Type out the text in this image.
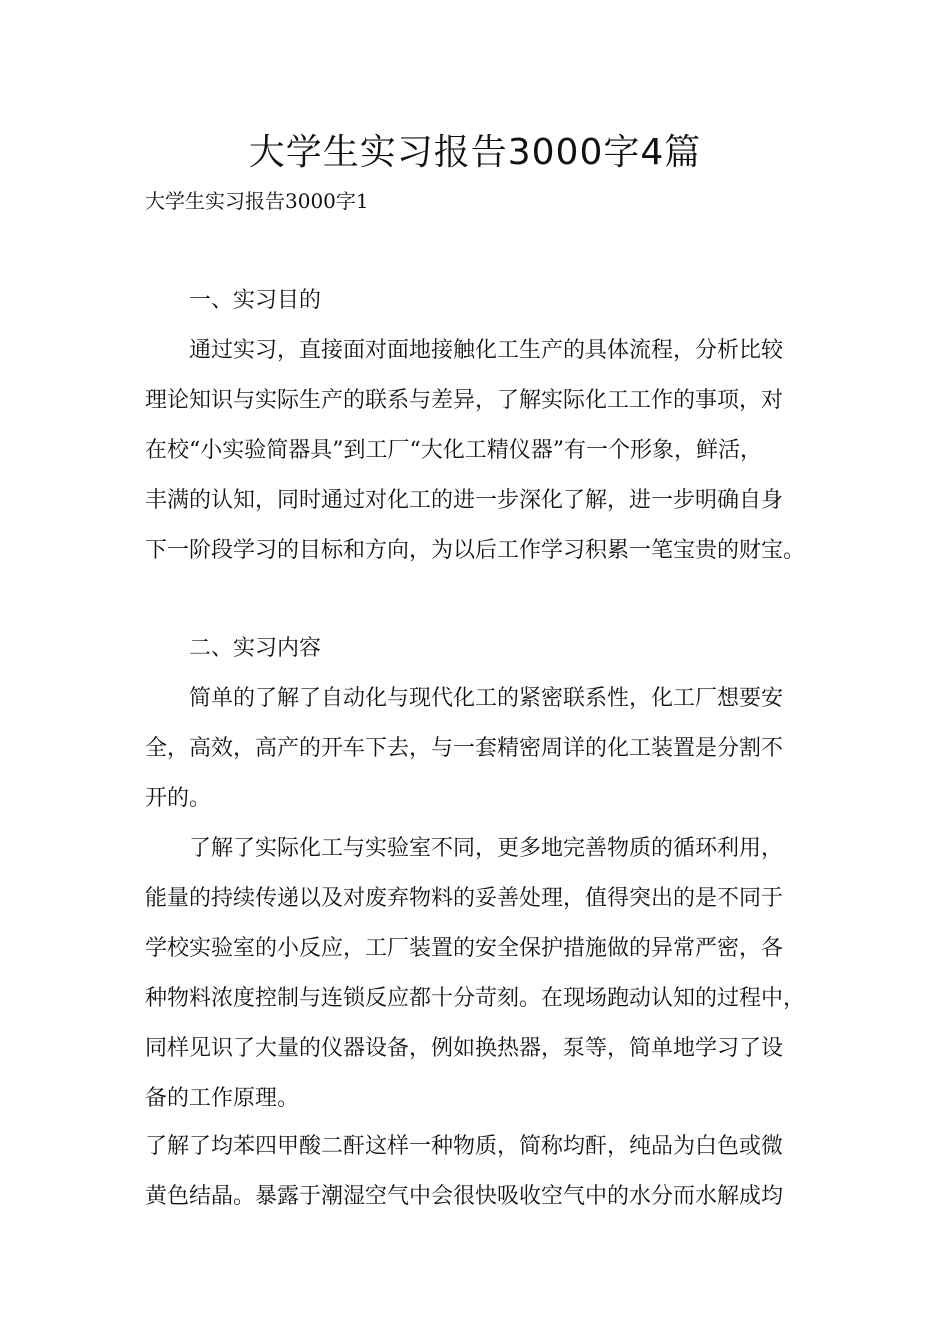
大学生实习报告3000字4篇

大学生实习报告3000字1

一、实习目的

通过实习，直接面对面地接触化工生产的具体流程，分析比较

理论知识与实际生产的联系与差异，了解实际化工工作的事项，对

在校“小实验简器具”到工厂“大化工精仪器”有一个形象，鲜活，

丰满的认知，同时通过对化工的进一步深化了解，进一步明确自身

下一阶段学习的目标和方向，为以后工作学习积累一笔宝贵的财宝。

二、实习内容

简单的了解了自动化与现代化工的紧密联系性，化工厂想要安

全，高效，高产的开车下去，与一套精密周详的化工装置是分割不

开的。

了解了实际化工与实验室不同，更多地完善物质的循环利用，

能量的持续传递以及对废弃物料的妥善处理，值得突出的是不同于

学校实验室的小反应，工厂装置的安全保护措施做的异常严密，各

种物料浓度控制与连锁反应都十分苛刻。在现场跑动认知的过程中，

同样见识了大量的仪器设备，例如换热器，泵等，简单地学习了设

备的工作原理。

了解了均苯四甲酸二酐这样一种物质，简称均酐，纯品为白色或微

黄色结晶。暴露于潮湿空气中会很快吸收空气中的水分而水解成均
